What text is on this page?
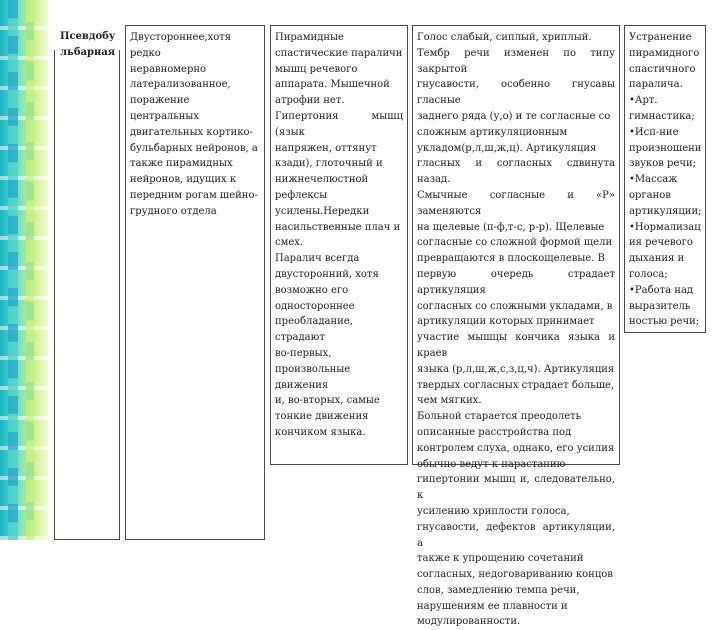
Псевдобу
льбарная
Двустороннее,хотя редко
неравномерно
латерализованное,
поражение центральных
двигательных кортико-
бульбарных нейронов, а
также пирамидных
нейронов, идущих к
передним рогам шейно-
грудного отдела
Пирамидные
спастические параличи
мышц речевого
аппарата. Мышечной
атрофии нет.
Гипертония мышц (язык
напряжен, оттянут
кзади), глоточный и
нижнечелюстной
рефлексы
усилены.Нередки
насильственные плач и
смех.
Паралич всегда
двусторонний, хотя
возможно его
одностороннее
преобладание, страдают
во-первых,
произвольные движения
и, во-вторых, самые
тонкие движения
кончиком языка.
Голос слабый, сиплый, хриплый.
Тембр речи изменен по типу закрытой
гнусавости, особенно гнусавы гласные
заднего ряда (у,о) и те согласные со
сложным артикуляционным
укладом(р,л,ш,ж,ц). Артикуляция
гласных и согласных сдвинута назад.
Смычные согласные и «Р» заменяются
на щелевые (п-ф,т-с, р-р). Щелевые
согласные со сложной формой щели
превращаются в плоскощелевые. В
первую очередь страдает артикуляция
согласных со сложными укладами, в
артикуляции которых принимает
участие мышцы кончика языка и краев
языка (р,л,ш,ж,с,з,ц,ч). Артикуляция
твердых согласных страдает больше,
чем мягких.
Больной старается преодолеть
описанные расстройства под
контролем слуха, однако, его усилия
обычно ведут к нарастанию
гипертонии мышц и, следовательно, к
усилению хриплости голоса,
гнусавости, дефектов артикуляции, а
также к упрощению сочетаний
согласных, недоговариванию концов
слов, замедлению темпа речи,
нарушениям ее плавности и
модулированности.
Устранение
пирамидного
спастичного
паралича.
•Арт.
гимнастика;
•Исп-ние
произношени
звуков речи;
•Массаж
органов
артикуляции;
•Нормализац
ия речевого
дыхания и
голоса;
•Работа над
выразитель
ностью речи;
